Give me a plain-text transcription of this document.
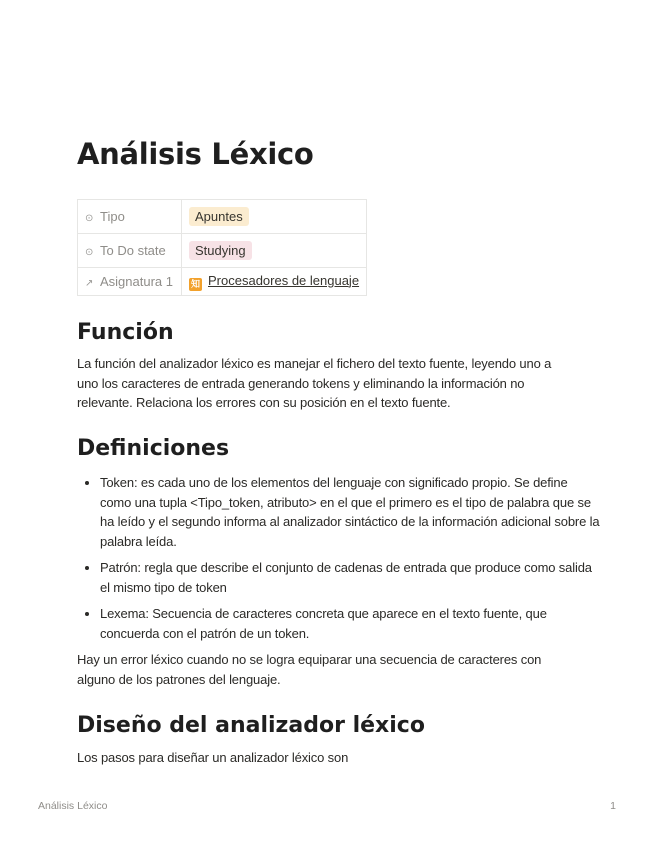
Análisis Léxico
⊙ Tipo	Apuntes
⊙ To Do state	Studying
↗ Asignatura 1	知 Procesadores de lenguaje
Función

La función del analizador léxico es manejar el fichero del texto fuente, leyendo uno a uno los caracteres de entrada generando tokens y eliminando la información no relevante. Relaciona los errores con su posición en el texto fuente.

Definiciones
• Token: es cada uno de los elementos del lenguaje con significado propio. Se define como una tupla <Tipo_token, atributo> en el que el primero es el tipo de palabra que se ha leído y el segundo informa al analizador sintáctico de la información adicional sobre la palabra leída.
• Patrón: regla que describe el conjunto de cadenas de entrada que produce como salida el mismo tipo de token
• Lexema: Secuencia de caracteres concreta que aparece en el texto fuente, que concuerda con el patrón de un token.

Hay un error léxico cuando no se logra equiparar una secuencia de caracteres con alguno de los patrones del lenguaje.

Diseño del analizador léxico

Los pasos para diseñar un analizador léxico son

Análisis Léxico	1
